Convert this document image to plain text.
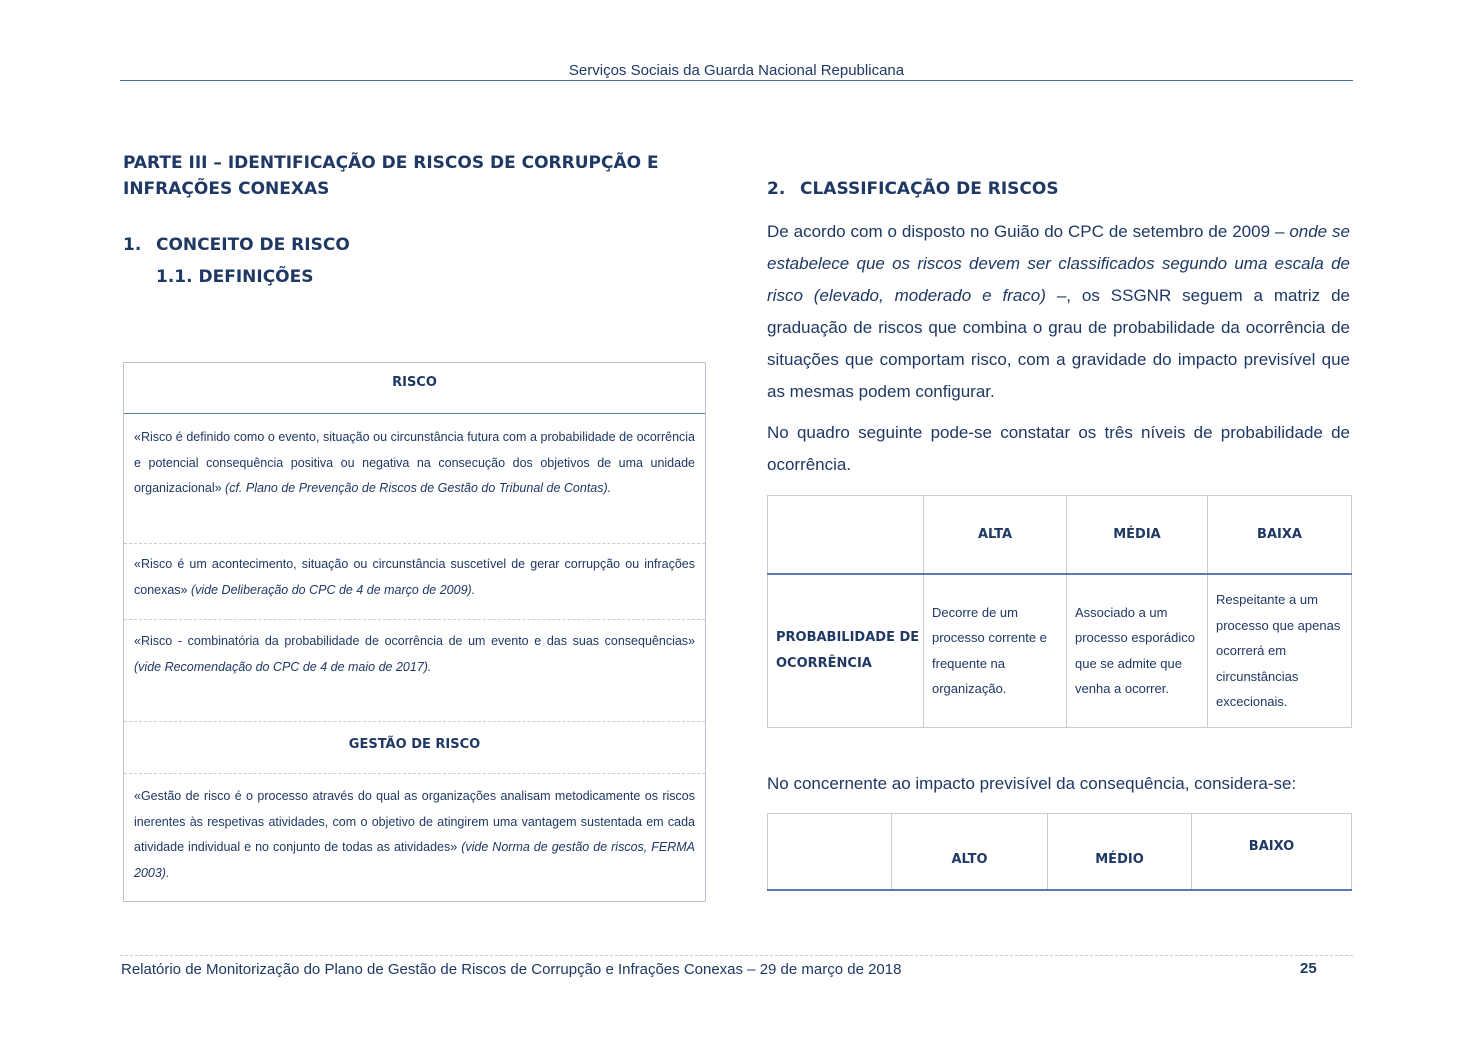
Serviços Sociais da Guarda Nacional Republicana
PARTE III – IDENTIFICAÇÃO DE RISCOS DE CORRUPÇÃO E INFRAÇÕES CONEXAS
1. CONCEITO DE RISCO
1.1. DEFINIÇÕES
RISCO
«Risco é definido como o evento, situação ou circunstância futura com a probabilidade de ocorrência e potencial consequência positiva ou negativa na consecução dos objetivos de uma unidade organizacional» (cf. Plano de Prevenção de Riscos de Gestão do Tribunal de Contas).
«Risco é um acontecimento, situação ou circunstância suscetível de gerar corrupção ou infrações conexas» (vide Deliberação do CPC de 4 de março de 2009).
«Risco - combinatória da probabilidade de ocorrência de um evento e das suas consequências» (vide Recomendação do CPC de 4 de maio de 2017).
GESTÃO DE RISCO
«Gestão de risco é o processo através do qual as organizações analisam metodicamente os riscos inerentes às respetivas atividades, com o objetivo de atingirem uma vantagem sustentada em cada atividade individual e no conjunto de todas as atividades» (vide Norma de gestão de riscos, FERMA 2003).
2. CLASSIFICAÇÃO DE RISCOS
De acordo com o disposto no Guião do CPC de setembro de 2009 – onde se estabelece que os riscos devem ser classificados segundo uma escala de risco (elevado, moderado e fraco) –, os SSGNR seguem a matriz de graduação de riscos que combina o grau de probabilidade da ocorrência de situações que comportam risco, com a gravidade do impacto previsível que as mesmas podem configurar.
No quadro seguinte pode-se constatar os três níveis de probabilidade de ocorrência.
	ALTA	MÉDIA	BAIXA
PROBABILIDADE DE OCORRÊNCIA	Decorre de um processo corrente e frequente na organização.	Associado a um processo esporádico que se admite que venha a ocorrer.	Respeitante a um processo que apenas ocorrerá em circunstâncias excecionais.
No concernente ao impacto previsível da consequência, considera-se:
	ALTO	MÉDIO	BAIXO
Relatório de Monitorização do Plano de Gestão de Riscos de Corrupção e Infrações Conexas – 29 de março de 2018	25
